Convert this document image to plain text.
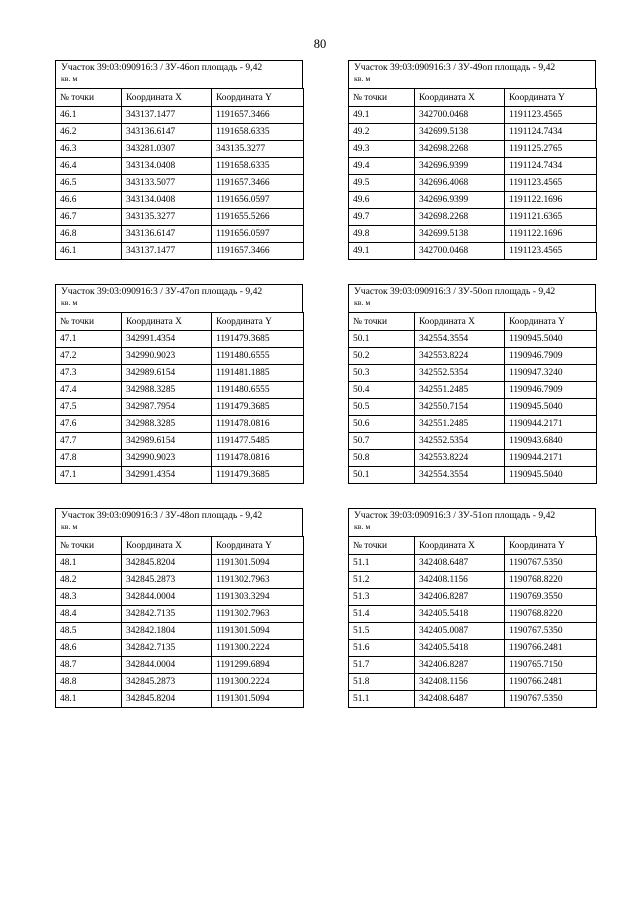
80
Участок 39:03:090916:3 / ЗУ-46оп площадь - 9,42
кв. м
№ точки	Координата X	Координата Y
46.1	343137.1477	1191657.3466
46.2	343136.6147	1191658.6335
46.3	343281.0307	343135.3277
46.4	343134.0408	1191658.6335
46.5	343133.5077	1191657.3466
46.6	343134.0408	1191656.0597
46.7	343135.3277	1191655.5266
46.8	343136.6147	1191656.0597
46.1	343137.1477	1191657.3466
Участок 39:03:090916:3 / ЗУ-49оп площадь - 9,42
кв. м
№ точки	Координата X	Координата Y
49.1	342700.0468	1191123.4565
49.2	342699.5138	1191124.7434
49.3	342698.2268	1191125.2765
49.4	342696.9399	1191124.7434
49.5	342696.4068	1191123.4565
49.6	342696.9399	1191122.1696
49.7	342698.2268	1191121.6365
49.8	342699.5138	1191122.1696
49.1	342700.0468	1191123.4565
Участок 39:03:090916:3 / ЗУ-47оп площадь - 9,42
кв. м
№ точки	Координата X	Координата Y
47.1	342991.4354	1191479.3685
47.2	342990.9023	1191480.6555
47.3	342989.6154	1191481.1885
47.4	342988.3285	1191480.6555
47.5	342987.7954	1191479.3685
47.6	342988.3285	1191478.0816
47.7	342989.6154	1191477.5485
47.8	342990.9023	1191478.0816
47.1	342991.4354	1191479.3685
Участок 39:03:090916:3 / ЗУ-50оп площадь - 9,42
кв. м
№ точки	Координата X	Координата Y
50.1	342554.3554	1190945.5040
50.2	342553.8224	1190946.7909
50.3	342552.5354	1190947.3240
50.4	342551.2485	1190946.7909
50.5	342550.7154	1190945.5040
50.6	342551.2485	1190944.2171
50.7	342552.5354	1190943.6840
50.8	342553.8224	1190944.2171
50.1	342554.3554	1190945.5040
Участок 39:03:090916:3 / ЗУ-48оп площадь - 9,42
кв. м
№ точки	Координата X	Координата Y
48.1	342845.8204	1191301.5094
48.2	342845.2873	1191302.7963
48.3	342844.0004	1191303.3294
48.4	342842.7135	1191302.7963
48.5	342842.1804	1191301.5094
48.6	342842.7135	1191300.2224
48.7	342844.0004	1191299.6894
48.8	342845.2873	1191300.2224
48.1	342845.8204	1191301.5094
Участок 39:03:090916:3 / ЗУ-51оп площадь - 9,42
кв. м
№ точки	Координата X	Координата Y
51.1	342408.6487	1190767.5350
51.2	342408.1156	1190768.8220
51.3	342406.8287	1190769.3550
51.4	342405.5418	1190768.8220
51.5	342405.0087	1190767.5350
51.6	342405.5418	1190766.2481
51.7	342406.8287	1190765.7150
51.8	342408.1156	1190766.2481
51.1	342408.6487	1190767.5350
